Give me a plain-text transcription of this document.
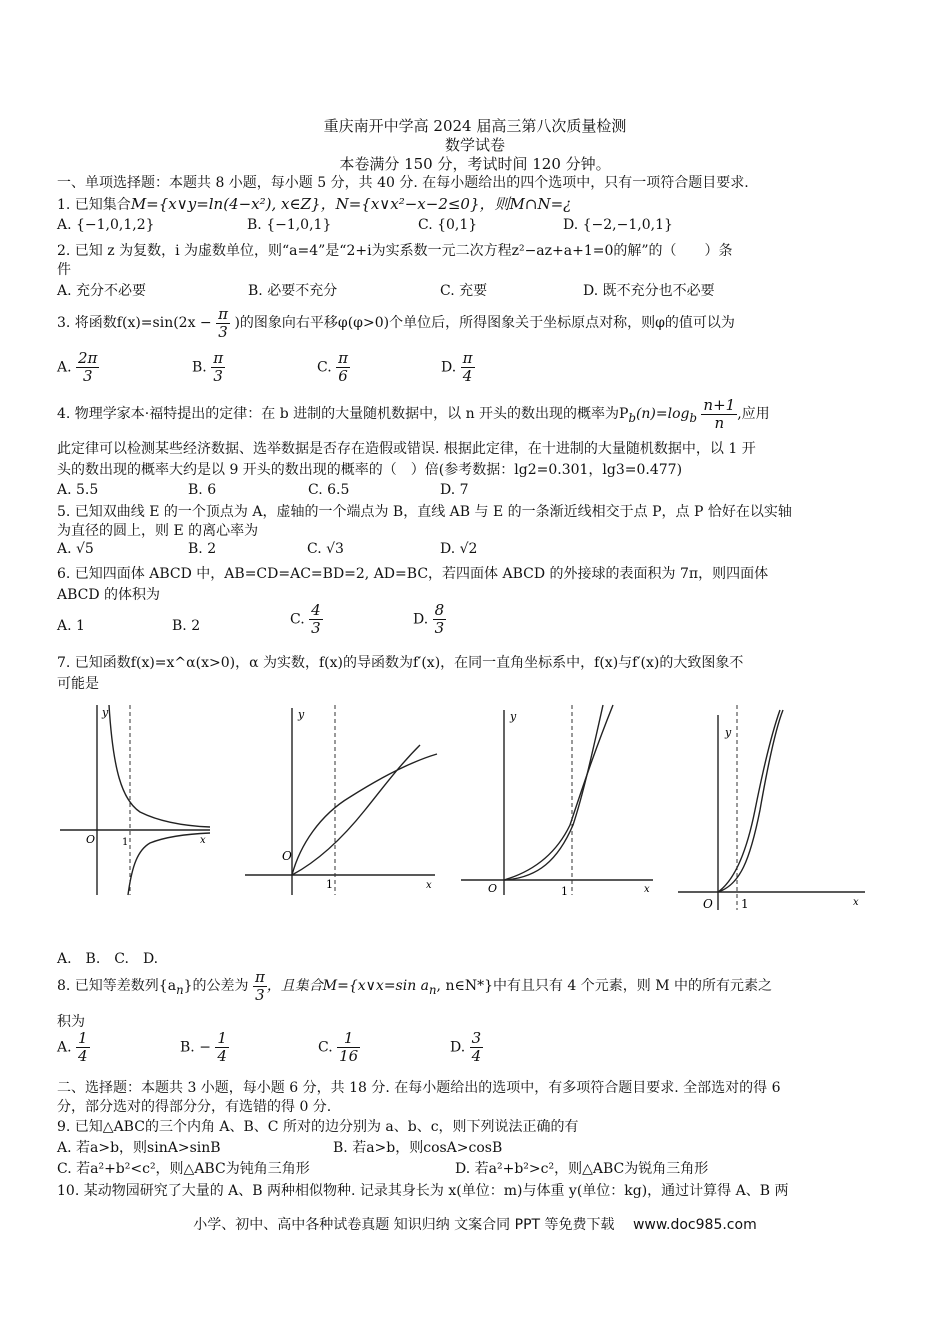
重庆南开中学高 2024 届高三第八次质量检测
数学试卷
本卷满分 150 分，考试时间 120 分钟。
一、单项选择题：本题共 8 小题，每小题 5 分，共 40 分. 在每小题给出的四个选项中，只有一项符合题目要求.
1. 已知集合M={x∨y=ln(4−x²), x∈Z}，N={x∨x²−x−2≤0}，则M∩N=¿
A. {−1,0,1,2}	B. {−1,0,1}	C. {0,1}	D. {−2,−1,0,1}
2. 已知 z 为复数，i 为虚数单位，则“a=4”是“2+i为实系数一元二次方程z²−az+a+1=0的解”的（　　）条
件
A. 充分不必要	B. 必要不充分	C. 充要	D. 既不充分也不必要
3. 将函数$f(x)=\sin(2x - \frac{\pi}{3}$ )的图象向右平移φ(φ>0)个单位后，所得图象关于坐标原点对称，则φ的值可以为
A. $\frac{2\pi}{3}$	B. $\frac{\pi}{3}$	C. $\frac{\pi}{6}$	D. $\frac{\pi}{4}$
4. 物理学家本·福特提出的定律：在 b 进制的大量随机数据中，以 n 开头的数出现的概率为$P_b(n)=\log_b \frac{n+1}{n}$ ,应用
此定律可以检测某些经济数据、选举数据是否存在造假或错误. 根据此定律，在十进制的大量随机数据中，以 1 开
头的数出现的概率大约是以 9 开头的数出现的概率的（　）倍(参考数据：lg2=0.301，lg3=0.477)
A. 5.5	B. 6	C. 6.5	D. 7
5. 已知双曲线 E 的一个顶点为 A，虚轴的一个端点为 B，直线 AB 与 E 的一条渐近线相交于点 P，点 P 恰好在以实轴
为直径的圆上，则 E 的离心率为
A. √5	B. 2	C. √3	D. √2
6. 已知四面体 ABCD 中，AB=CD=AC=BD=2, AD=BC，若四面体 ABCD 的外接球的表面积为 7π，则四面体
ABCD 的体积为
A. 1	B. 2	C. $\frac{4}{3}$	D. $\frac{8}{3}$
7. 已知函数f(x)=x^α(x>0)，α 为实数，f(x)的导函数为f′(x)，在同一直角坐标系中，f(x)与f′(x)的大致图象不
可能是
y
O	1	x
y
O
1	x
y
O	1	x
y
O 1	x
A.　B.　C.　D.
8. 已知等差数列$\{a_n\}$的公差为 $\frac{\pi}{3}$ ，且集合M={x∨x=sin $a_n$, n∈N*}中有且只有 4 个元素，则 M 中的所有元素之
积为
A. $\frac{1}{4}$	B. − $\frac{1}{4}$	C. $\frac{1}{16}$	D. $\frac{3}{4}$
二、选择题：本题共 3 小题，每小题 6 分，共 18 分. 在每小题给出的选项中，有多项符合题目要求. 全部选对的得 6
分，部分选对的得部分分，有选错的得 0 分.
9. 已知△ABC的三个内角 A、B、C 所对的边分别为 a、b、c，则下列说法正确的有
A. 若a>b，则sinA>sinB	B. 若a>b，则cosA>cosB
C. 若a²+b²<c²，则△ABC为钝角三角形	D. 若a²+b²>c²，则△ABC为锐角三角形
10. 某动物园研究了大量的 A、B 两种相似物种. 记录其身长为 x(单位：m)与体重 y(单位：kg)，通过计算得 A、B 两
小学、初中、高中各种试卷真题 知识归纳 文案合同 PPT 等免费下载　 www.doc985.com
